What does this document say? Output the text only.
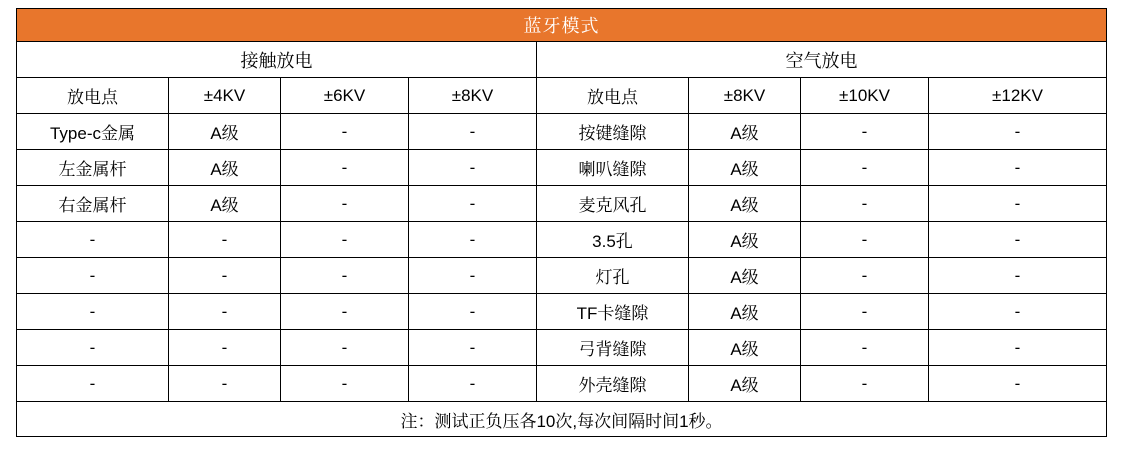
蓝牙模式							
接触放电				空气放电			
放电点	±4KV	±6KV	±8KV	放电点	±8KV	±10KV	±12KV
Type-c金属	A级	-	-	按键缝隙	A级	-	-
左金属杆	A级	-	-	喇叭缝隙	A级	-	-
右金属杆	A级	-	-	麦克风孔	A级	-	-
-	-	-	-	3.5孔	A级	-	-
-	-	-	-	灯孔	A级	-	-
-	-	-	-	TF卡缝隙	A级	-	-
-	-	-	-	弓背缝隙	A级	-	-
-	-	-	-	外壳缝隙	A级	-	-
注：测试正负压各10次,每次间隔时间1秒。							
